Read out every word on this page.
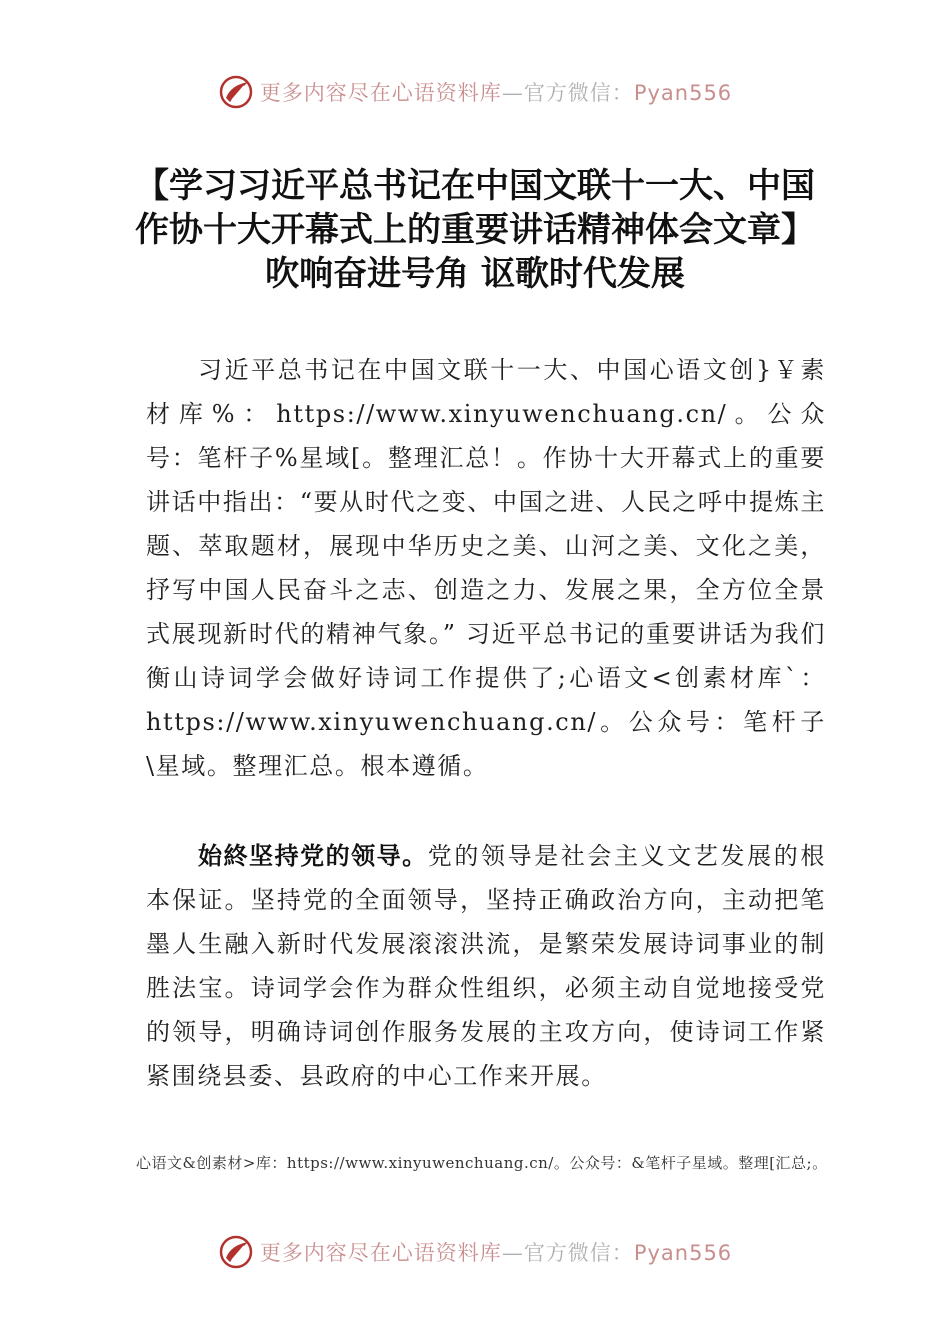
更多内容尽在心语资料库—官方微信：Pyan556
【学习习近平总书记在中国文联十一大、中国作协十大开幕式上的重要讲话精神体会文章】吹响奋进号角 讴歌时代发展

习近平总书记在中国文联十一大、中国心语文创}￥素材库%：https://www.xinyuwenchuang.cn/。公众号：笔杆子%星域[。整理汇总！。作协十大开幕式上的重要讲话中指出：“要从时代之变、中国之进、人民之呼中提炼主题、萃取题材，展现中华历史之美、山河之美、文化之美，抒写中国人民奋斗之志、创造之力、发展之果，全方位全景式展现新时代的精神气象。” 习近平总书记的重要讲话为我们衡山诗词学会做好诗词工作提供了;心语文<创素材库`：https://www.xinyuwenchuang.cn/。公众号：笔杆子\星域。整理汇总。根本遵循。

始終坚持党的领导。党的领导是社会主义文艺发展的根本保证。坚持党的全面领导，坚持正确政治方向，主动把笔墨人生融入新时代发展滚滚洪流，是繁荣发展诗词事业的制胜法宝。诗词学会作为群众性组织，必须主动自觉地接受党的领导，明确诗词创作服务发展的主攻方向，使诗词工作紧紧围绕县委、县政府的中心工作来开展。

心语文&创素材>库：https://www.xinyuwenchuang.cn/。公众号：&笔杆子星域。整理[汇总;。

更多内容尽在心语资料库—官方微信：Pyan556
